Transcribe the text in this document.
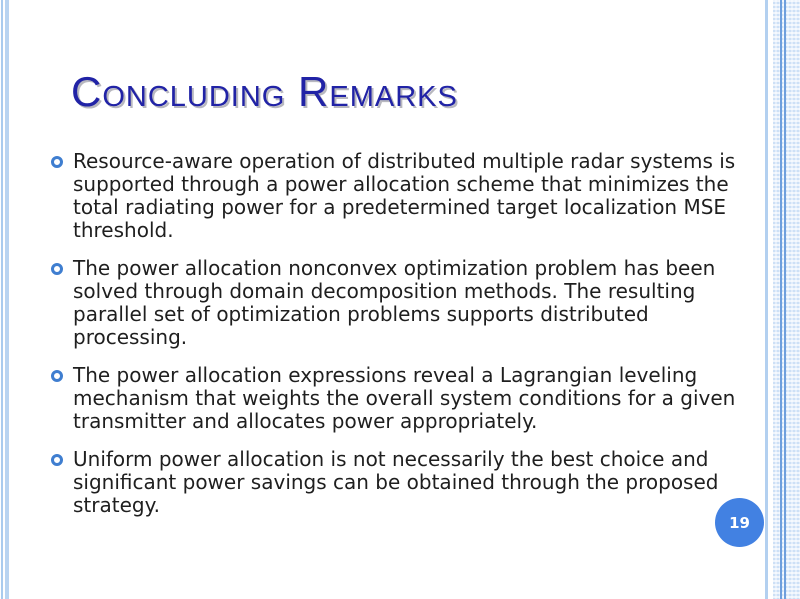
Concluding Remarks
Resource-aware operation of distributed multiple radar systems is supported through a power allocation scheme that minimizes the total radiating power for a predetermined target localization MSE threshold.
The power allocation nonconvex optimization problem has been solved through domain decomposition methods. The resulting parallel set of optimization problems supports distributed processing.
The power allocation expressions reveal a Lagrangian leveling mechanism that weights the overall system conditions for a given transmitter and allocates power appropriately.
Uniform power allocation is not necessarily the best choice and significant power savings can be obtained through the proposed strategy.
19
